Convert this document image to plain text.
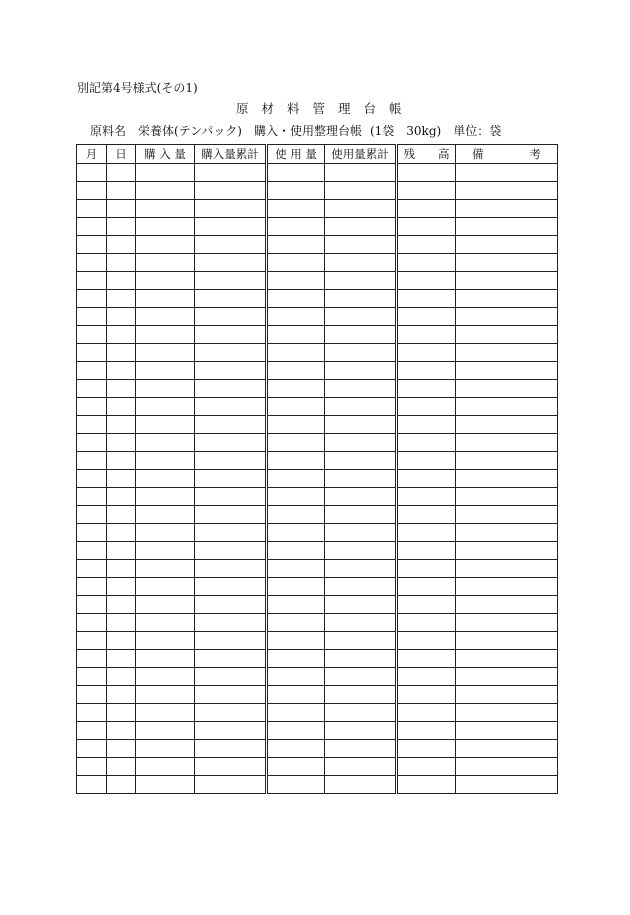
別記第4号様式(その1)
原材料管理台帳
原料名 栄養体(テンパック) 購入・使用整理台帳 (1袋　30kg) 単位：袋
月	日	購 入 量	購入量累計	使 用 量	使用量累計	残　　高	備　　　　考
